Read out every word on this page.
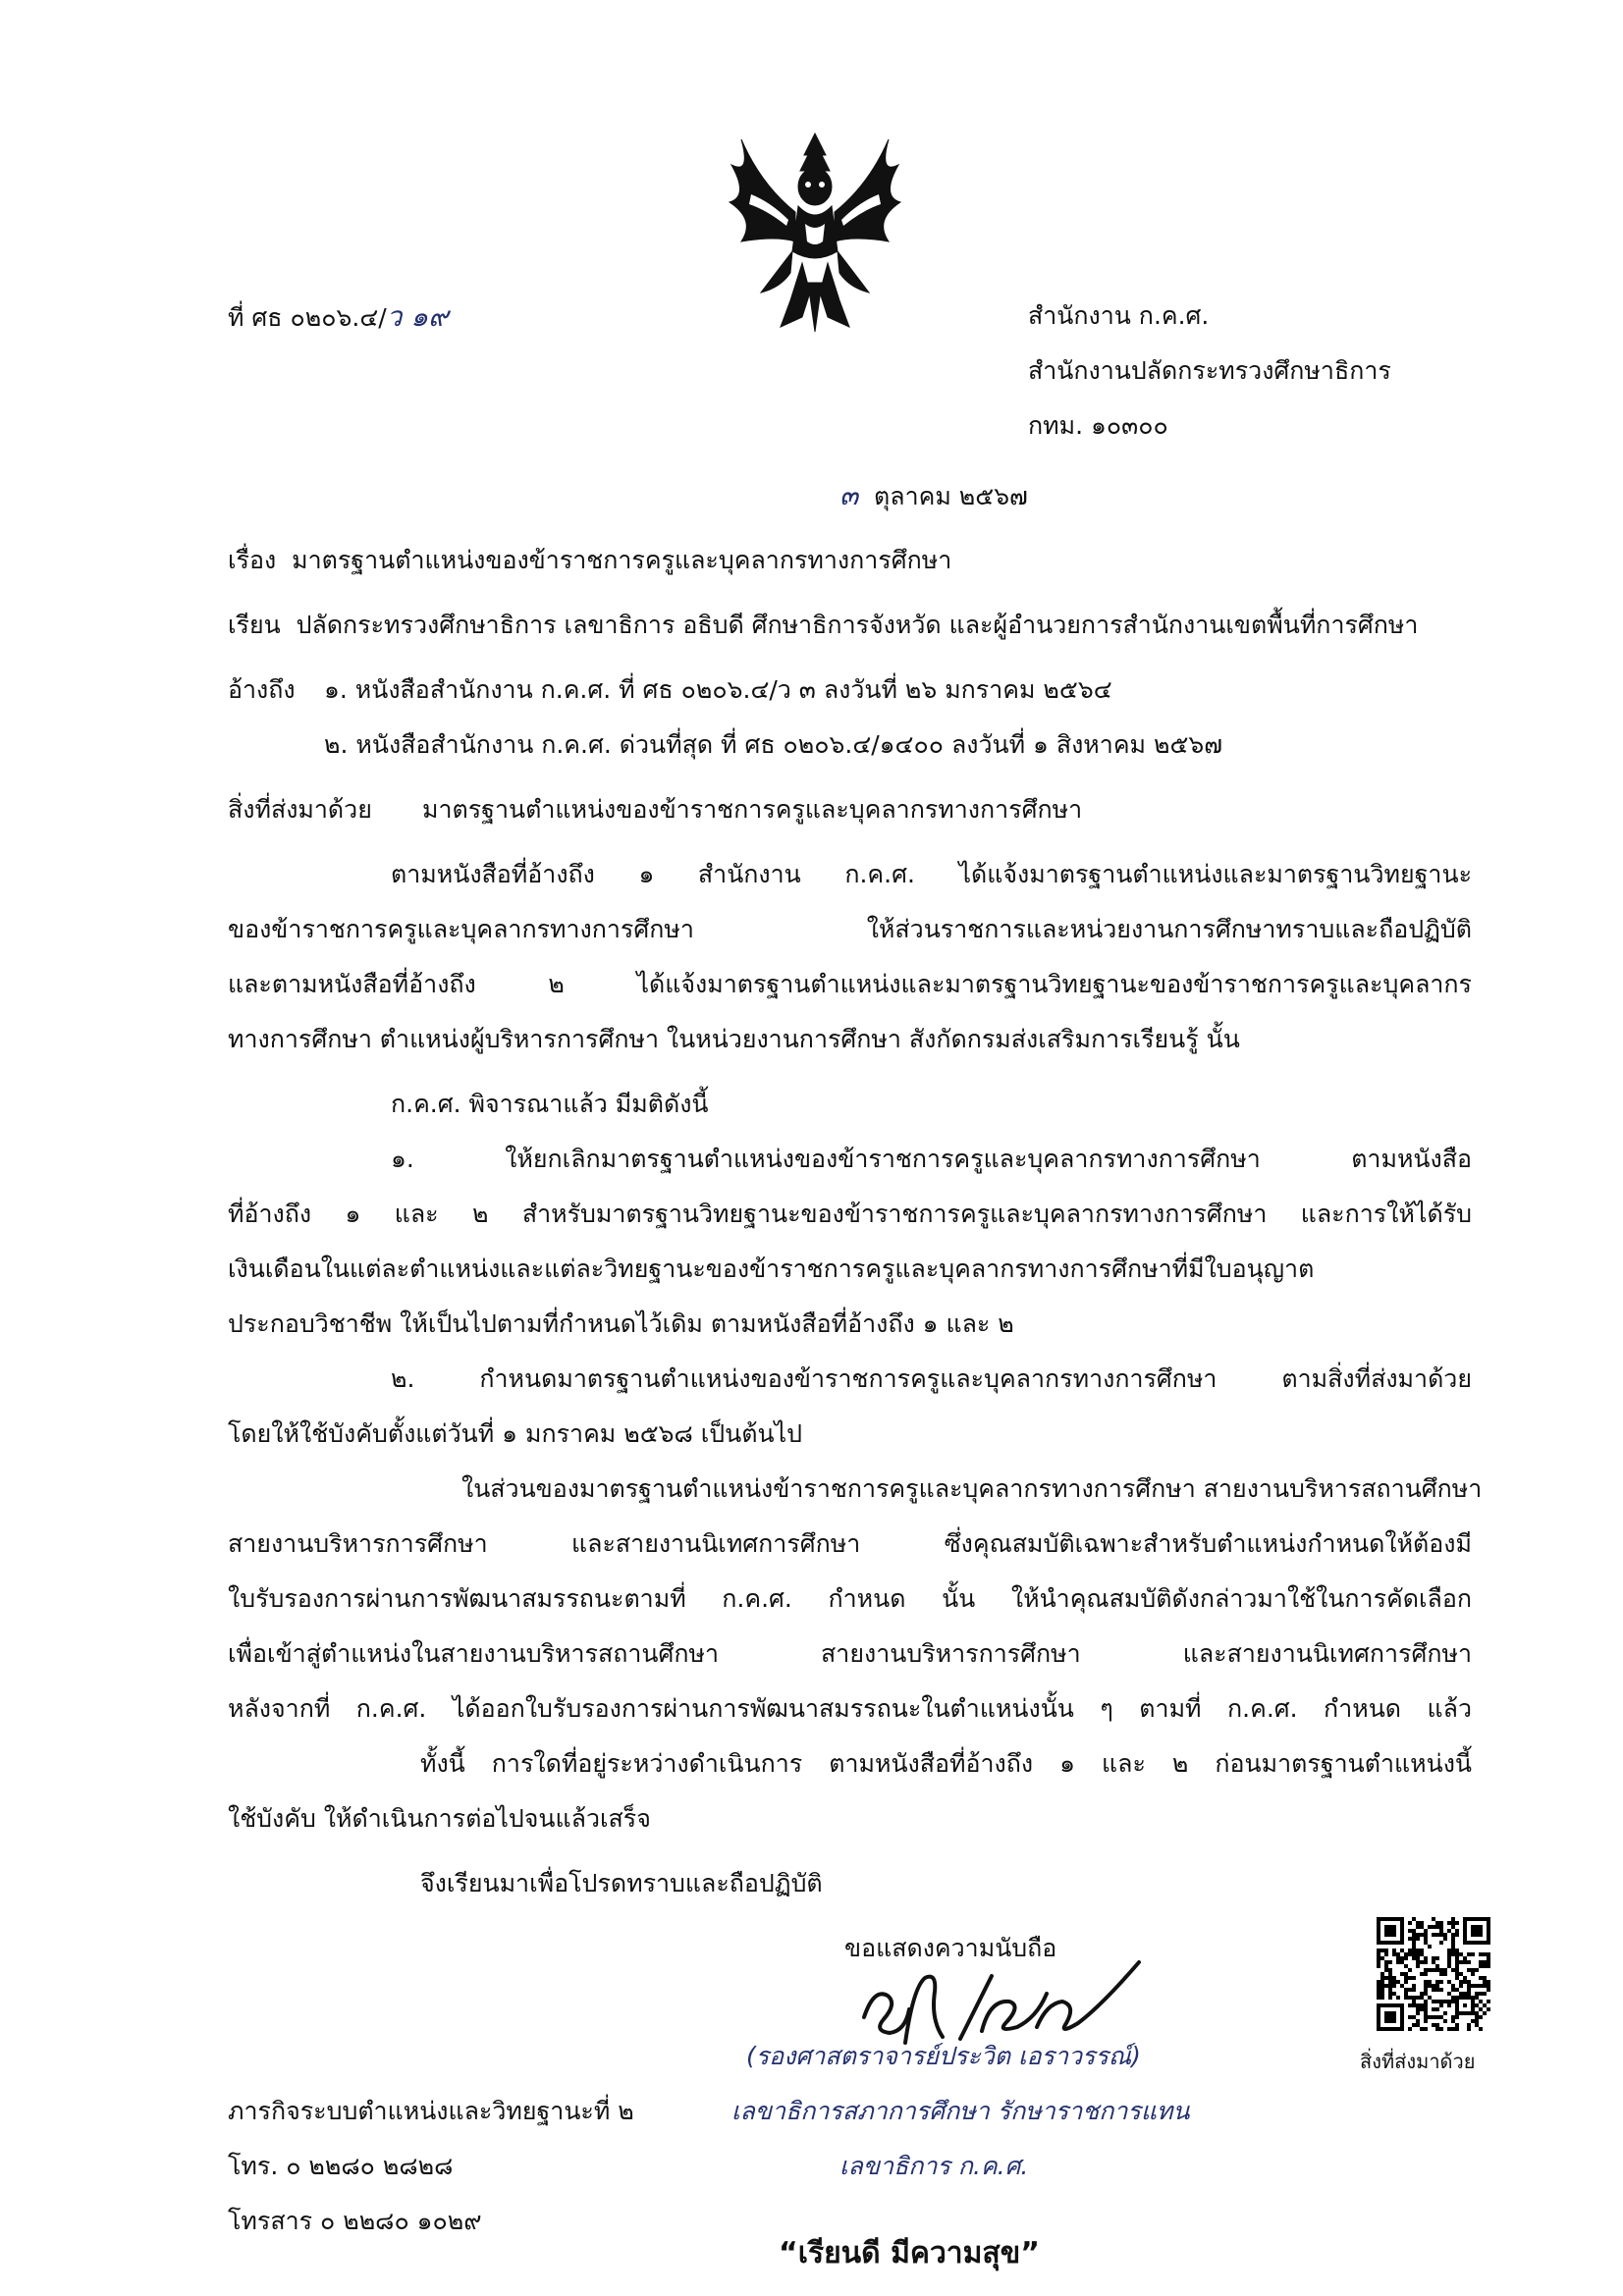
ที่ ศธ ๐๒๐๖.๔/ว ๑๙	สำนักงาน ก.ค.ศ.
สำนักงานปลัดกระทรวงศึกษาธิการ
กทม. ๑๐๓๐๐
๓ ตุลาคม ๒๕๖๗
เรื่อง มาตรฐานตำแหน่งของข้าราชการครูและบุคลากรทางการศึกษา
เรียน ปลัดกระทรวงศึกษาธิการ เลขาธิการ อธิบดี ศึกษาธิการจังหวัด และผู้อำนวยการสำนักงานเขตพื้นที่การศึกษา
อ้างถึง ๑. หนังสือสำนักงาน ก.ค.ศ. ที่ ศธ ๐๒๐๖.๔/ว ๓ ลงวันที่ ๒๖ มกราคม ๒๕๖๔
๒. หนังสือสำนักงาน ก.ค.ศ. ด่วนที่สุด ที่ ศธ ๐๒๐๖.๔/๑๔๐๐ ลงวันที่ ๑ สิงหาคม ๒๕๖๗
สิ่งที่ส่งมาด้วย มาตรฐานตำแหน่งของข้าราชการครูและบุคลากรทางการศึกษา
ตามหนังสือที่อ้างถึง ๑ สำนักงาน ก.ค.ศ. ได้แจ้งมาตรฐานตำแหน่งและมาตรฐานวิทยฐานะ
ของข้าราชการครูและบุคลากรทางการศึกษา ให้ส่วนราชการและหน่วยงานการศึกษาทราบและถือปฏิบัติ
และตามหนังสือที่อ้างถึง ๒ ได้แจ้งมาตรฐานตำแหน่งและมาตรฐานวิทยฐานะของข้าราชการครูและบุคลากร
ทางการศึกษา ตำแหน่งผู้บริหารการศึกษา ในหน่วยงานการศึกษา สังกัดกรมส่งเสริมการเรียนรู้ นั้น
ก.ค.ศ. พิจารณาแล้ว มีมติดังนี้
๑. ให้ยกเลิกมาตรฐานตำแหน่งของข้าราชการครูและบุคลากรทางการศึกษา ตามหนังสือ
ที่อ้างถึง ๑ และ ๒ สำหรับมาตรฐานวิทยฐานะของข้าราชการครูและบุคลากรทางการศึกษา และการให้ได้รับ
เงินเดือนในแต่ละตำแหน่งและแต่ละวิทยฐานะของข้าราชการครูและบุคลากรทางการศึกษาที่มีใบอนุญาต
ประกอบวิชาชีพ ให้เป็นไปตามที่กำหนดไว้เดิม ตามหนังสือที่อ้างถึง ๑ และ ๒
๒. กำหนดมาตรฐานตำแหน่งของข้าราชการครูและบุคลากรทางการศึกษา ตามสิ่งที่ส่งมาด้วย
โดยให้ใช้บังคับตั้งแต่วันที่ ๑ มกราคม ๒๕๖๘ เป็นต้นไป
ในส่วนของมาตรฐานตำแหน่งข้าราชการครูและบุคลากรทางการศึกษา สายงานบริหารสถานศึกษา
สายงานบริหารการศึกษา และสายงานนิเทศการศึกษา ซึ่งคุณสมบัติเฉพาะสำหรับตำแหน่งกำหนดให้ต้องมี
ใบรับรองการผ่านการพัฒนาสมรรถนะตามที่ ก.ค.ศ. กำหนด นั้น ให้นำคุณสมบัติดังกล่าวมาใช้ในการคัดเลือก
เพื่อเข้าสู่ตำแหน่งในสายงานบริหารสถานศึกษา สายงานบริหารการศึกษา และสายงานนิเทศการศึกษา
หลังจากที่ ก.ค.ศ. ได้ออกใบรับรองการผ่านการพัฒนาสมรรถนะในตำแหน่งนั้น ๆ ตามที่ ก.ค.ศ. กำหนด แล้ว
ทั้งนี้ การใดที่อยู่ระหว่างดำเนินการ ตามหนังสือที่อ้างถึง ๑ และ ๒ ก่อนมาตรฐานตำแหน่งนี้
ใช้บังคับ ให้ดำเนินการต่อไปจนแล้วเสร็จ
จึงเรียนมาเพื่อโปรดทราบและถือปฏิบัติ
ขอแสดงความนับถือ
(รองศาสตราจารย์ประวิต เอราวรรณ์)
เลขาธิการสภาการศึกษา รักษาราชการแทน
เลขาธิการ ก.ค.ศ.
ภารกิจระบบตำแหน่งและวิทยฐานะที่ ๒
โทร. ๐ ๒๒๘๐ ๒๘๒๘
โทรสาร ๐ ๒๒๘๐ ๑๐๒๙
“เรียนดี มีความสุข”
สิ่งที่ส่งมาด้วย
